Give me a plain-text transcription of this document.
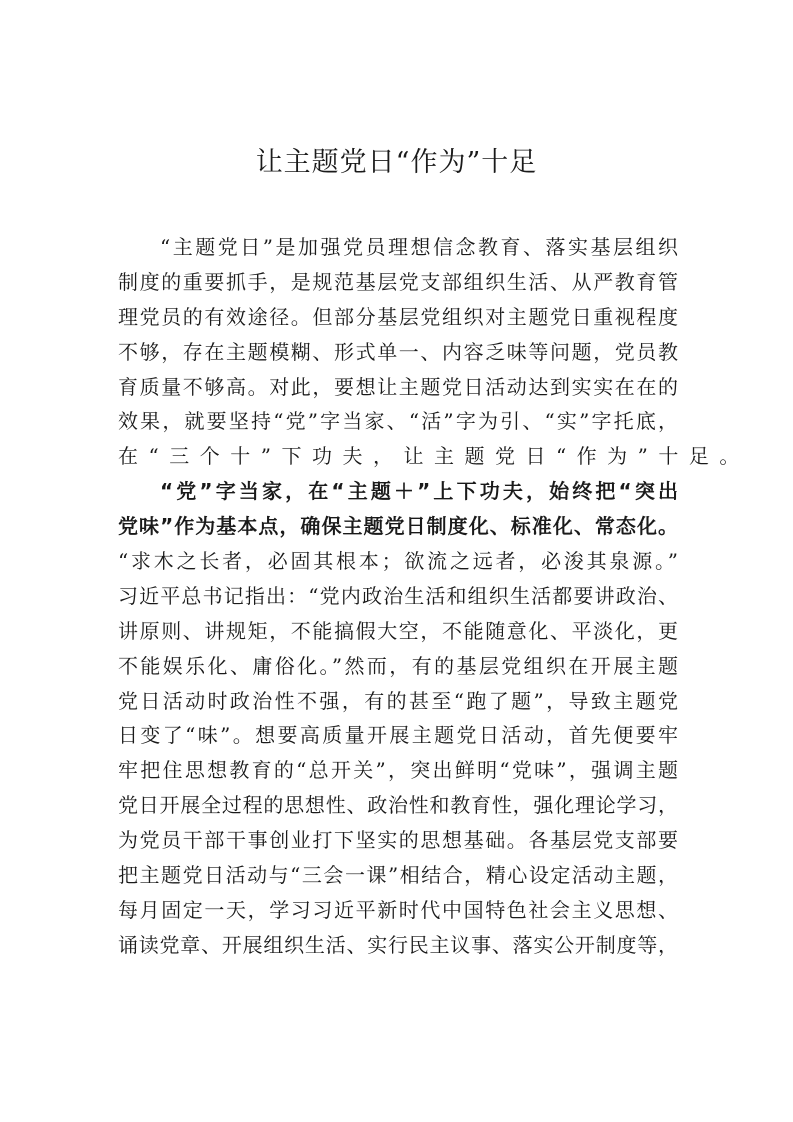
让主题党日“作为”十足
“主题党日”是加强党员理想信念教育、落实基层组织
制度的重要抓手，是规范基层党支部组织生活、从严教育管
理党员的有效途径。但部分基层党组织对主题党日重视程度
不够，存在主题模糊、形式单一、内容乏味等问题，党员教
育质量不够高。对此，要想让主题党日活动达到实实在在的
效果，就要坚持“党”字当家、“活”字为引、“实”字托底，
在“三个十”下功夫，让主题党日“作为”十足。
“党”字当家，在“主题＋”上下功夫，始终把“突出
党味”作为基本点，确保主题党日制度化、标准化、常态化。
“求木之长者，必固其根本；欲流之远者，必浚其泉源。”
习近平总书记指出：“党内政治生活和组织生活都要讲政治、
讲原则、讲规矩，不能搞假大空，不能随意化、平淡化，更
不能娱乐化、庸俗化。”然而，有的基层党组织在开展主题
党日活动时政治性不强，有的甚至“跑了题”，导致主题党
日变了“味”。想要高质量开展主题党日活动，首先便要牢
牢把住思想教育的“总开关”，突出鲜明“党味”，强调主题
党日开展全过程的思想性、政治性和教育性，强化理论学习，
为党员干部干事创业打下坚实的思想基础。各基层党支部要
把主题党日活动与“三会一课”相结合，精心设定活动主题，
每月固定一天，学习习近平新时代中国特色社会主义思想、
诵读党章、开展组织生活、实行民主议事、落实公开制度等，
